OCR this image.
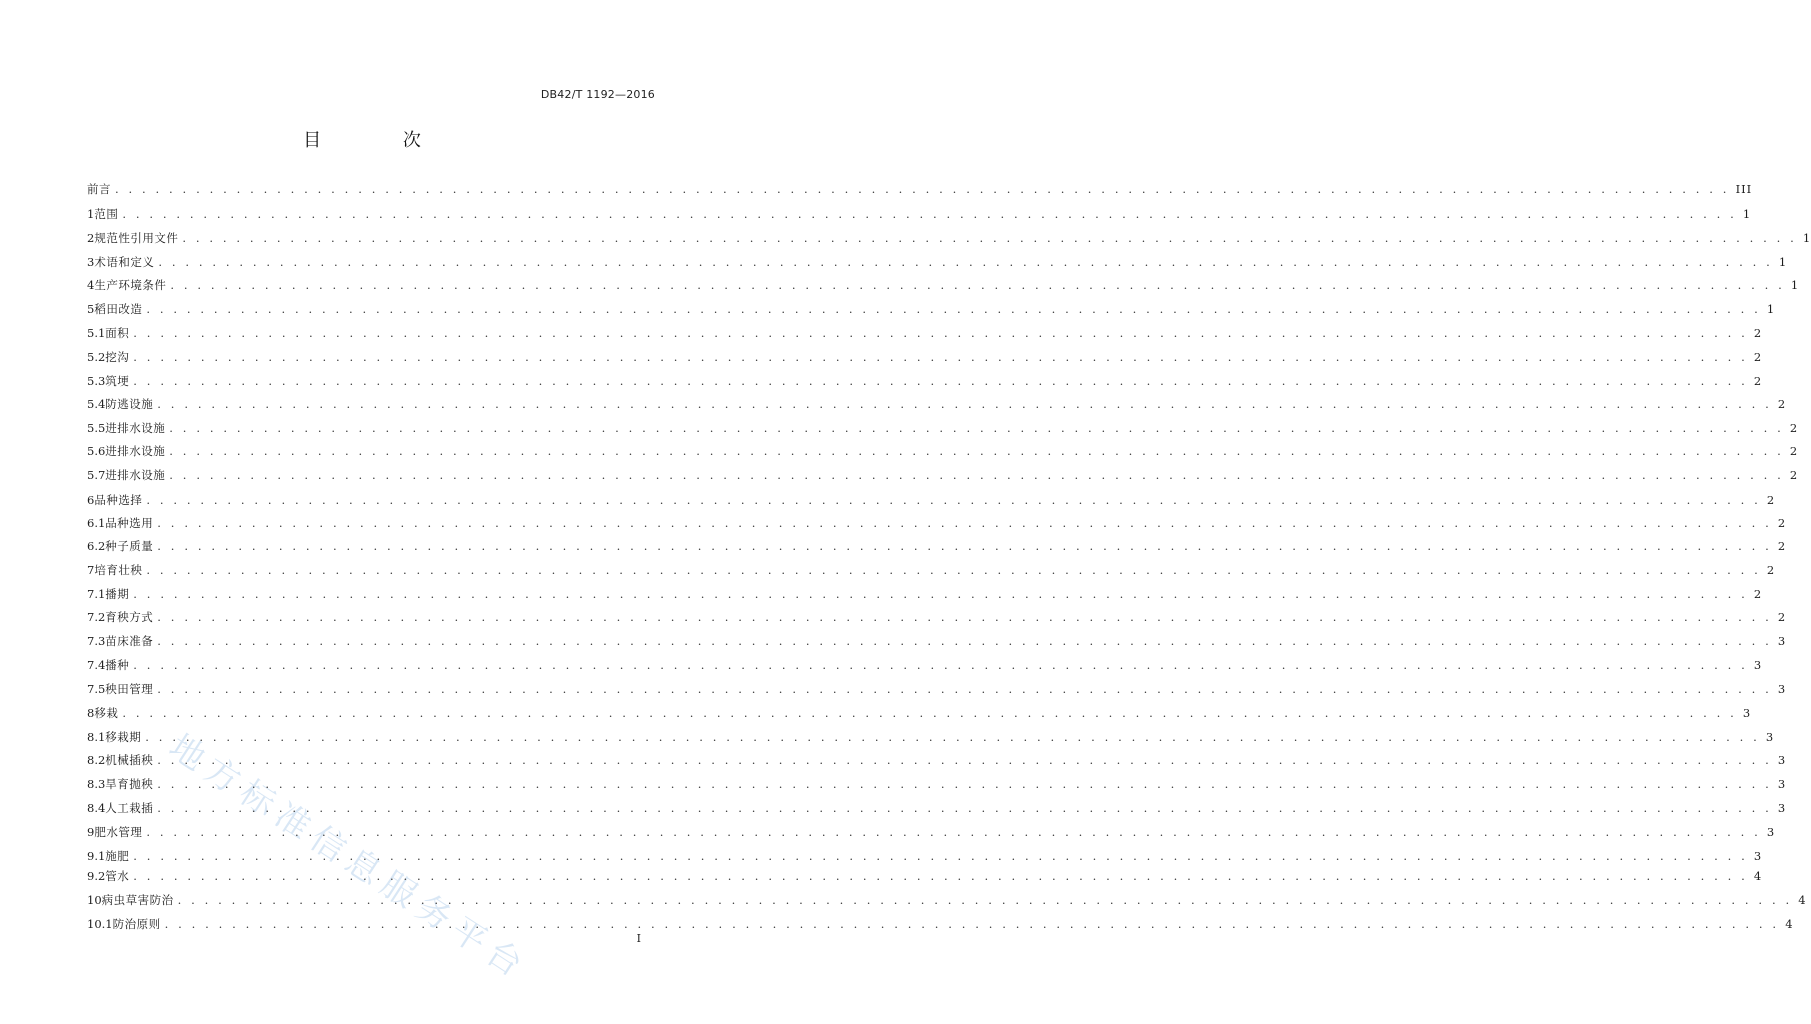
DB42/T 1192—2016
目 次
地方标准信息服务平台
前言 . . . . . . . . . . . . . . . . . . . . . . . . . . . . . . . . . . . . . . . . . . . . . . . . . . . . . . . . . . . . . . . . . . . . . . . . . . . . . . . . . . . . . . . . . . . . . . . . . . . . . . . . . . . . . . . . . . . . . . . . III
1 范围 . . . . . . . . . . . . . . . . . . . . . . . . . . . . . . . . . . . . . . . . . . . . . . . . . . . . . . . . . . . . . . . . . . . . . . . . . . . . . . . . . . . . . . . . . . . . . . . . . . . . . . . . . . . . . . . . . . . . . . . . 1
2 规范性引用文件 . . . . . . . . . . . . . . . . . . . . . . . . . . . . . . . . . . . . . . . . . . . . . . . . . . . . . . . . . . . . . . . . . . . . . . . . . . . . . . . . . . . . . . . . . . . . . . . . . . . . . . . . . . . . . . . . . . . . . . . . 1
3 术语和定义 . . . . . . . . . . . . . . . . . . . . . . . . . . . . . . . . . . . . . . . . . . . . . . . . . . . . . . . . . . . . . . . . . . . . . . . . . . . . . . . . . . . . . . . . . . . . . . . . . . . . . . . . . . . . . . . . . . . . . . . . 1
4 生产环境条件 . . . . . . . . . . . . . . . . . . . . . . . . . . . . . . . . . . . . . . . . . . . . . . . . . . . . . . . . . . . . . . . . . . . . . . . . . . . . . . . . . . . . . . . . . . . . . . . . . . . . . . . . . . . . . . . . . . . . . . . . 1
5 稻田改造 . . . . . . . . . . . . . . . . . . . . . . . . . . . . . . . . . . . . . . . . . . . . . . . . . . . . . . . . . . . . . . . . . . . . . . . . . . . . . . . . . . . . . . . . . . . . . . . . . . . . . . . . . . . . . . . . . . . . . . . . 1
5.1 面积 . . . . . . . . . . . . . . . . . . . . . . . . . . . . . . . . . . . . . . . . . . . . . . . . . . . . . . . . . . . . . . . . . . . . . . . . . . . . . . . . . . . . . . . . . . . . . . . . . . . . . . . . . . . . . . . . . . . . . . . . 2
5.2 挖沟 . . . . . . . . . . . . . . . . . . . . . . . . . . . . . . . . . . . . . . . . . . . . . . . . . . . . . . . . . . . . . . . . . . . . . . . . . . . . . . . . . . . . . . . . . . . . . . . . . . . . . . . . . . . . . . . . . . . . . . . . 2
5.3 筑埂 . . . . . . . . . . . . . . . . . . . . . . . . . . . . . . . . . . . . . . . . . . . . . . . . . . . . . . . . . . . . . . . . . . . . . . . . . . . . . . . . . . . . . . . . . . . . . . . . . . . . . . . . . . . . . . . . . . . . . . . . 2
5.4 防逃设施 . . . . . . . . . . . . . . . . . . . . . . . . . . . . . . . . . . . . . . . . . . . . . . . . . . . . . . . . . . . . . . . . . . . . . . . . . . . . . . . . . . . . . . . . . . . . . . . . . . . . . . . . . . . . . . . . . . . . . . . . 2
5.5 进排水设施 . . . . . . . . . . . . . . . . . . . . . . . . . . . . . . . . . . . . . . . . . . . . . . . . . . . . . . . . . . . . . . . . . . . . . . . . . . . . . . . . . . . . . . . . . . . . . . . . . . . . . . . . . . . . . . . . . . . . . . . . 2
5.6 进排水设施 . . . . . . . . . . . . . . . . . . . . . . . . . . . . . . . . . . . . . . . . . . . . . . . . . . . . . . . . . . . . . . . . . . . . . . . . . . . . . . . . . . . . . . . . . . . . . . . . . . . . . . . . . . . . . . . . . . . . . . . . 2
5.7 进排水设施 . . . . . . . . . . . . . . . . . . . . . . . . . . . . . . . . . . . . . . . . . . . . . . . . . . . . . . . . . . . . . . . . . . . . . . . . . . . . . . . . . . . . . . . . . . . . . . . . . . . . . . . . . . . . . . . . . . . . . . . . 2
6 品种选择 . . . . . . . . . . . . . . . . . . . . . . . . . . . . . . . . . . . . . . . . . . . . . . . . . . . . . . . . . . . . . . . . . . . . . . . . . . . . . . . . . . . . . . . . . . . . . . . . . . . . . . . . . . . . . . . . . . . . . . . . 2
6.1 品种选用 . . . . . . . . . . . . . . . . . . . . . . . . . . . . . . . . . . . . . . . . . . . . . . . . . . . . . . . . . . . . . . . . . . . . . . . . . . . . . . . . . . . . . . . . . . . . . . . . . . . . . . . . . . . . . . . . . . . . . . . . 2
6.2 种子质量 . . . . . . . . . . . . . . . . . . . . . . . . . . . . . . . . . . . . . . . . . . . . . . . . . . . . . . . . . . . . . . . . . . . . . . . . . . . . . . . . . . . . . . . . . . . . . . . . . . . . . . . . . . . . . . . . . . . . . . . . 2
7 培育壮秧 . . . . . . . . . . . . . . . . . . . . . . . . . . . . . . . . . . . . . . . . . . . . . . . . . . . . . . . . . . . . . . . . . . . . . . . . . . . . . . . . . . . . . . . . . . . . . . . . . . . . . . . . . . . . . . . . . . . . . . . . 2
7.1 播期 . . . . . . . . . . . . . . . . . . . . . . . . . . . . . . . . . . . . . . . . . . . . . . . . . . . . . . . . . . . . . . . . . . . . . . . . . . . . . . . . . . . . . . . . . . . . . . . . . . . . . . . . . . . . . . . . . . . . . . . . 2
7.2 育秧方式 . . . . . . . . . . . . . . . . . . . . . . . . . . . . . . . . . . . . . . . . . . . . . . . . . . . . . . . . . . . . . . . . . . . . . . . . . . . . . . . . . . . . . . . . . . . . . . . . . . . . . . . . . . . . . . . . . . . . . . . . 2
7.3 苗床准备 . . . . . . . . . . . . . . . . . . . . . . . . . . . . . . . . . . . . . . . . . . . . . . . . . . . . . . . . . . . . . . . . . . . . . . . . . . . . . . . . . . . . . . . . . . . . . . . . . . . . . . . . . . . . . . . . . . . . . . . . 3
7.4 播种 . . . . . . . . . . . . . . . . . . . . . . . . . . . . . . . . . . . . . . . . . . . . . . . . . . . . . . . . . . . . . . . . . . . . . . . . . . . . . . . . . . . . . . . . . . . . . . . . . . . . . . . . . . . . . . . . . . . . . . . . 3
7.5 秧田管理 . . . . . . . . . . . . . . . . . . . . . . . . . . . . . . . . . . . . . . . . . . . . . . . . . . . . . . . . . . . . . . . . . . . . . . . . . . . . . . . . . . . . . . . . . . . . . . . . . . . . . . . . . . . . . . . . . . . . . . . . 3
8 移栽 . . . . . . . . . . . . . . . . . . . . . . . . . . . . . . . . . . . . . . . . . . . . . . . . . . . . . . . . . . . . . . . . . . . . . . . . . . . . . . . . . . . . . . . . . . . . . . . . . . . . . . . . . . . . . . . . . . . . . . . . 3
8.1 移栽期 . . . . . . . . . . . . . . . . . . . . . . . . . . . . . . . . . . . . . . . . . . . . . . . . . . . . . . . . . . . . . . . . . . . . . . . . . . . . . . . . . . . . . . . . . . . . . . . . . . . . . . . . . . . . . . . . . . . . . . . . 3
8.2 机械插秧 . . . . . . . . . . . . . . . . . . . . . . . . . . . . . . . . . . . . . . . . . . . . . . . . . . . . . . . . . . . . . . . . . . . . . . . . . . . . . . . . . . . . . . . . . . . . . . . . . . . . . . . . . . . . . . . . . . . . . . . . 3
8.3 旱育抛秧 . . . . . . . . . . . . . . . . . . . . . . . . . . . . . . . . . . . . . . . . . . . . . . . . . . . . . . . . . . . . . . . . . . . . . . . . . . . . . . . . . . . . . . . . . . . . . . . . . . . . . . . . . . . . . . . . . . . . . . . . 3
8.4 人工栽插 . . . . . . . . . . . . . . . . . . . . . . . . . . . . . . . . . . . . . . . . . . . . . . . . . . . . . . . . . . . . . . . . . . . . . . . . . . . . . . . . . . . . . . . . . . . . . . . . . . . . . . . . . . . . . . . . . . . . . . . . 3
9 肥水管理 . . . . . . . . . . . . . . . . . . . . . . . . . . . . . . . . . . . . . . . . . . . . . . . . . . . . . . . . . . . . . . . . . . . . . . . . . . . . . . . . . . . . . . . . . . . . . . . . . . . . . . . . . . . . . . . . . . . . . . . . 3
9.1 施肥 . . . . . . . . . . . . . . . . . . . . . . . . . . . . . . . . . . . . . . . . . . . . . . . . . . . . . . . . . . . . . . . . . . . . . . . . . . . . . . . . . . . . . . . . . . . . . . . . . . . . . . . . . . . . . . . . . . . . . . . . 3
9.2 管水 . . . . . . . . . . . . . . . . . . . . . . . . . . . . . . . . . . . . . . . . . . . . . . . . . . . . . . . . . . . . . . . . . . . . . . . . . . . . . . . . . . . . . . . . . . . . . . . . . . . . . . . . . . . . . . . . . . . . . . . . 4
10 病虫草害防治 . . . . . . . . . . . . . . . . . . . . . . . . . . . . . . . . . . . . . . . . . . . . . . . . . . . . . . . . . . . . . . . . . . . . . . . . . . . . . . . . . . . . . . . . . . . . . . . . . . . . . . . . . . . . . . . . . . . . . . . . 4
10.1 防治原则 . . . . . . . . . . . . . . . . . . . . . . . . . . . . . . . . . . . . . . . . . . . . . . . . . . . . . . . . . . . . . . . . . . . . . . . . . . . . . . . . . . . . . . . . . . . . . . . . . . . . . . . . . . . . . . . . . . . . . . . . 4
I
